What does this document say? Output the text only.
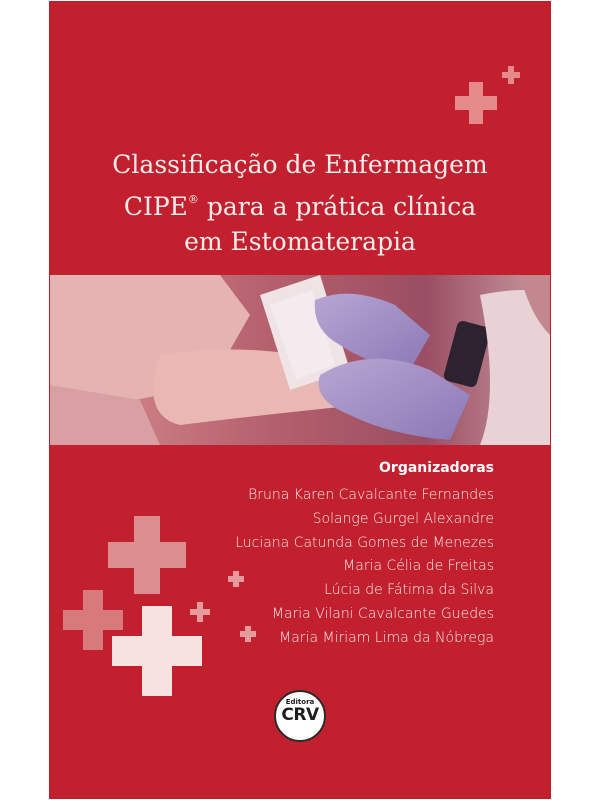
Classificação de Enfermagem
CIPE® para a prática clínica
em Estomaterapia
Organizadoras
Bruna Karen Cavalcante Fernandes
Solange Gurgel Alexandre
Luciana Catunda Gomes de Menezes
Maria Célia de Freitas
Lúcia de Fátima da Silva
Maria Vilani Cavalcante Guedes
Maria Miriam Lima da Nóbrega
Editora
CRV
